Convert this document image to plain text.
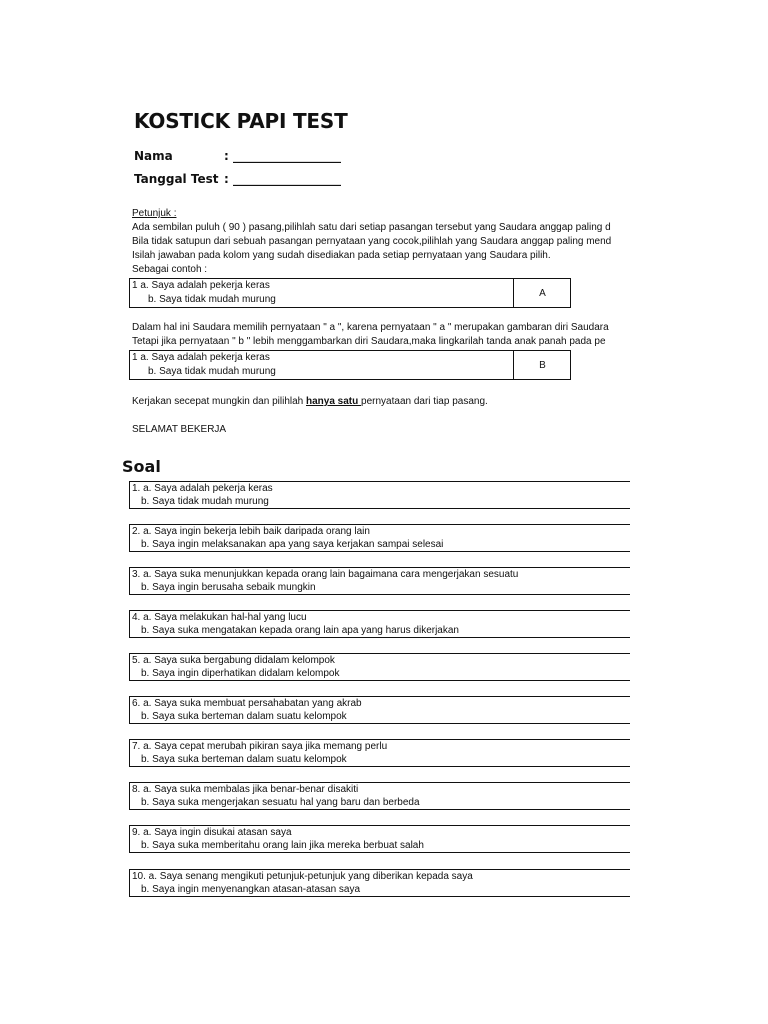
KOSTICK PAPI TEST
Nama	: __________________
Tanggal Test : __________________
Petunjuk :
Ada sembilan puluh ( 90 ) pasang,pilihlah satu dari setiap pasangan tersebut yang Saudara anggap paling d
Bila tidak satupun dari sebuah pasangan pernyataan yang cocok,pilihlah yang Saudara anggap paling mend
Isilah jawaban pada kolom yang sudah disediakan pada setiap pernyataan yang Saudara pilih.
Sebagai contoh :
1 a. Saya adalah pekerja keras
b. Saya tidak mudah murung
A
Dalam hal ini Saudara memilih pernyataan " a ", karena pernyataan " a " merupakan gambaran diri Saudara
Tetapi jika pernyataan " b " lebih menggambarkan diri Saudara,maka lingkarilah tanda anak panah pada pe
1 a. Saya adalah pekerja keras
b. Saya tidak mudah murung
B
Kerjakan secepat mungkin dan pilihlah hanya satu pernyataan dari tiap pasang.
SELAMAT BEKERJA
Soal
1. a. Saya adalah pekerja keras
b. Saya tidak mudah murung
2. a. Saya ingin bekerja lebih baik daripada orang lain
b. Saya ingin melaksanakan apa yang saya kerjakan sampai selesai
3. a. Saya suka menunjukkan kepada orang lain bagaimana cara mengerjakan sesuatu
b. Saya ingin berusaha sebaik mungkin
4. a. Saya melakukan hal-hal yang lucu
b. Saya suka mengatakan kepada orang lain apa yang harus dikerjakan
5. a. Saya suka bergabung didalam kelompok
b. Saya ingin diperhatikan didalam kelompok
6. a. Saya suka membuat persahabatan yang akrab
b. Saya suka berteman dalam suatu kelompok
7. a. Saya cepat merubah pikiran saya jika memang perlu
b. Saya suka berteman dalam suatu kelompok
8. a. Saya suka membalas jika benar-benar disakiti
b. Saya suka mengerjakan sesuatu hal yang baru dan berbeda
9. a. Saya ingin disukai atasan saya
b. Saya suka memberitahu orang lain jika mereka berbuat salah
10. a. Saya senang mengikuti petunjuk-petunjuk yang diberikan kepada saya
b. Saya ingin menyenangkan atasan-atasan saya
